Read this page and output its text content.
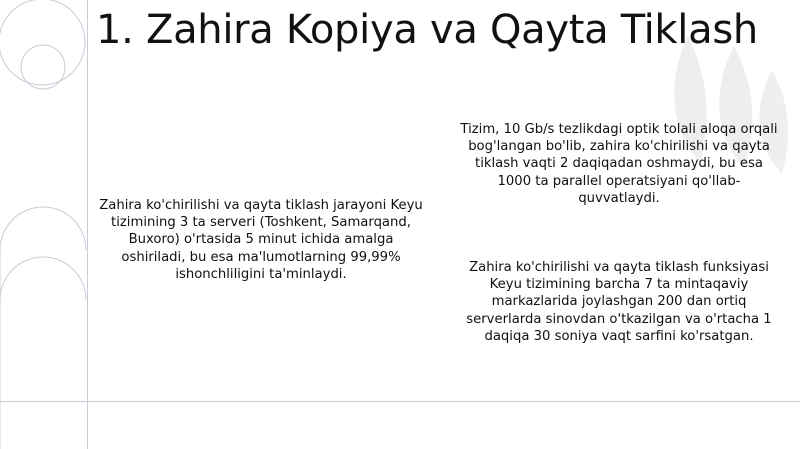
1. Zahira Kopiya va Qayta Tiklash

Zahira ko'chirilishi va qayta tiklash jarayoni Keyu tizimining 3 ta serveri (Toshkent, Samarqand, Buxoro) o'rtasida 5 minut ichida amalga oshiriladi, bu esa ma'lumotlarning 99,99% ishonchliligini ta'minlaydi.

Tizim, 10 Gb/s tezlikdagi optik tolali aloqa orqali bog'langan bo'lib, zahira ko'chirilishi va qayta tiklash vaqti 2 daqiqadan oshmaydi, bu esa 1000 ta parallel operatsiyani qo'llab-quvvatlaydi.

Zahira ko'chirilishi va qayta tiklash funksiyasi Keyu tizimining barcha 7 ta mintaqaviy markazlarida joylashgan 200 dan ortiq serverlarda sinovdan o'tkazilgan va o'rtacha 1 daqiqa 30 soniya vaqt sarfini ko'rsatgan.
